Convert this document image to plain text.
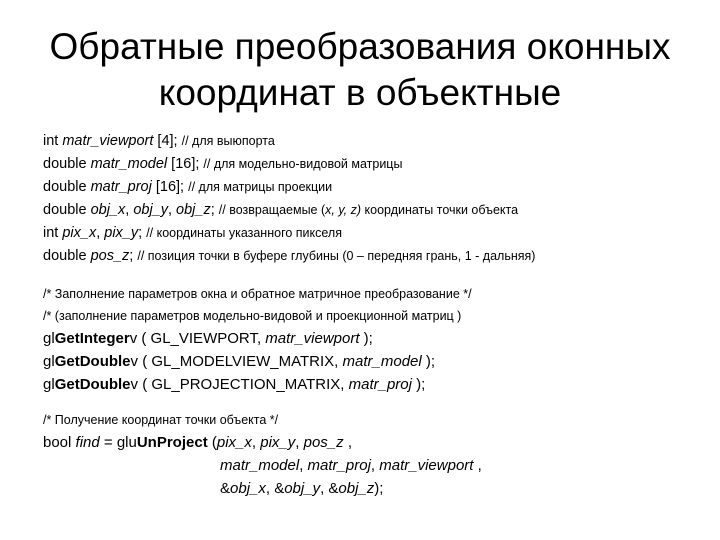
Обратные преобразования оконных
координат в объектные
int matr_viewport [4]; // для выюпорта
double matr_model [16]; // для модельно-видовой матрицы
double matr_proj [16]; // для матрицы проекции
double obj_x, obj_y, obj_z; // возвращаемые (x, y, z) координаты точки объекта
int pix_x, pix_y; // координаты указанного пикселя
double pos_z; // позиция точки в буфере глубины (0 – передняя грань, 1 - дальняя)
/* Заполнение параметров окна и обратное матричное преобразование */
/* (заполнение параметров модельно-видовой и проекционной матриц )
glGetIntegerv ( GL_VIEWPORT, matr_viewport );
glGetDoublev ( GL_MODELVIEW_MATRIX, matr_model );
glGetDoublev ( GL_PROJECTION_MATRIX, matr_proj );
/* Получение координат точки объекта */
bool find = gluUnProject (pix_x, pix_y, pos_z ,
matr_model, matr_proj, matr_viewport ,
&obj_x, &obj_y, &obj_z);
